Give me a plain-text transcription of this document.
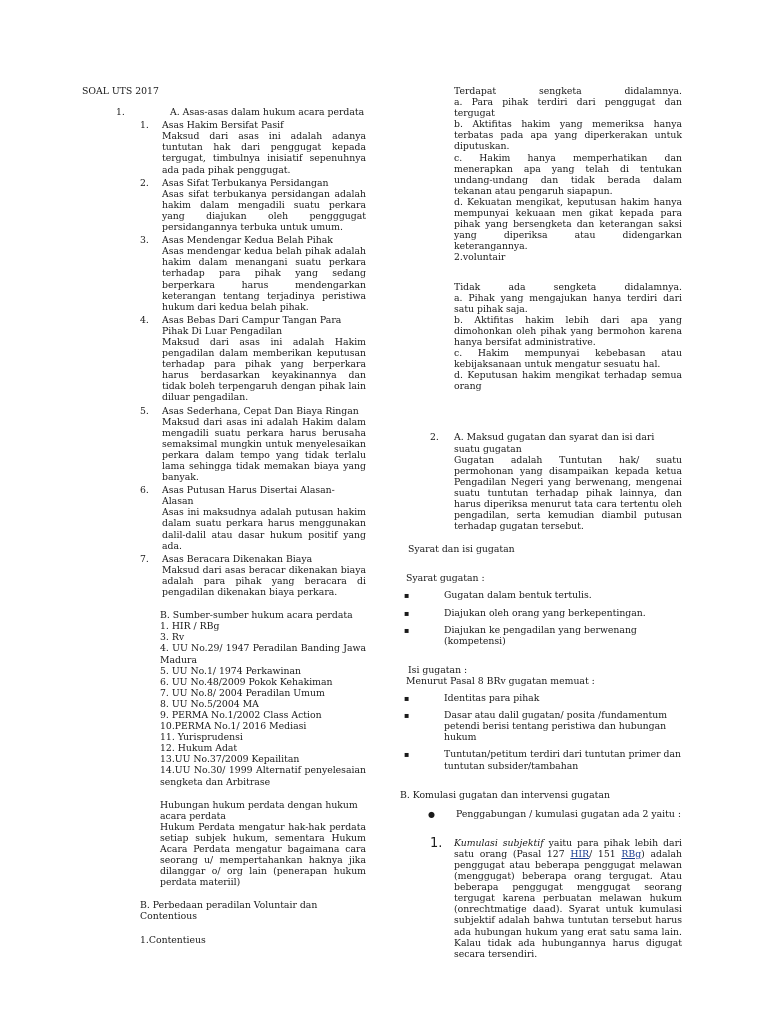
SOAL UTS 2017

1.	A. Asas-asas dalam hukum acara perdata
1.	Asas Hakim Bersifat Pasif

Maksud dari asas ini adalah adanya tuntutan hak dari penggugat kepada tergugat, timbulnya inisiatif sepenuhnya ada pada pihak penggugat.

2.	Asas Sifat Terbukanya Persidangan

Asas sifat terbukanya persidangan adalah hakim dalam mengadili suatu perkara yang diajukan oleh pengggugat persidangannya terbuka untuk umum.

3.	Asas Mendengar Kedua Belah Pihak

Asas mendengar kedua belah pihak adalah hakim dalam menangani suatu perkara terhadap para pihak yang sedang berperkara harus mendengarkan keterangan tentang terjadinya peristiwa hukum dari kedua belah pihak.

4.	Asas Bebas Dari Campur Tangan Para Pihak Di Luar Pengadilan

Maksud dari asas ini adalah Hakim pengadilan dalam memberikan keputusan terhadap para pihak yang berperkara harus berdasarkan keyakinannya dan tidak boleh terpengaruh dengan pihak lain diluar pengadilan.

5.	Asas Sederhana, Cepat Dan Biaya Ringan

Maksud dari asas ini adalah Hakim dalam mengadili suatu perkara harus berusaha semaksimal mungkin untuk menyelesaikan perkara dalam tempo yang tidak terlalu lama sehingga tidak memakan biaya yang banyak.

6.	Asas Putusan Harus Disertai Alasan-Alasan

Asas ini maksudnya adalah putusan hakim dalam suatu perkara harus menggunakan dalil-dalil atau dasar hukum positif yang ada.

7.	Asas Beracara Dikenakan Biaya

Maksud dari asas beracar dikenakan biaya adalah para pihak yang beracara di pengadilan dikenakan biaya perkara.

B. Sumber-sumber hukum acara perdata

1. HIR / RBg

3. Rv

4. UU No.29/ 1947 Peradilan Banding Jawa Madura

5. UU No.1/ 1974 Perkawinan

6. UU No.48/2009 Pokok Kehakiman

7. UU No.8/ 2004 Peradilan Umum

8. UU No.5/2004 MA

9. PERMA No.1/2002 Class Action

10.PERMA No.1/ 2016 Mediasi

11. Yurisprudensi

12. Hukum Adat

13.UU No.37/2009 Kepailitan

14.UU No.30/ 1999 Alternatif penyelesaian sengketa dan Arbitrase

Hubungan hukum perdata dengan hukum acara perdata

Hukum Perdata mengatur hak-hak perdata setiap subjek hukum, sementara Hukum Acara Perdata mengatur bagaimana cara seorang u/ mempertahankan haknya jika dilanggar o/ org lain (penerapan hukum perdata materiil)

B. Perbedaan peradilan Voluntair dan Contentious

1.Contentieus

Terdapat	sengketa	didalamnya.

a. Para pihak terdiri dari penggugat dan tergugat

b. Aktifitas hakim yang memeriksa hanya terbatas pada apa yang diperkerakan untuk diputuskan.

c. Hakim hanya memperhatikan dan menerapkan apa yang telah di tentukan undang-undang dan tidak berada dalam tekanan atau pengaruh siapapun.

d. Kekuatan mengikat, keputusan hakim hanya mempunyai kekuaan men gikat kepada para pihak yang bersengketa dan keterangan saksi yang diperiksa atau didengarkan keterangannya.

2.voluntair

Tidak	ada	sengketa	didalamnya.

a. Pihak yang mengajukan hanya terdiri dari satu pihak saja.

b. Aktifitas hakim lebih dari apa yang dimohonkan oleh pihak yang bermohon karena hanya bersifat administrative.

c. Hakim mempunyai kebebasan atau kebijaksanaan untuk mengatur sesuatu hal.

d. Keputusan hakim mengikat terhadap semua orang

2.	A. Maksud gugatan dan syarat dan isi dari suatu gugatan

Gugatan adalah Tuntutan hak/ suatu permohonan yang disampaikan kepada ketua Pengadilan Negeri yang berwenang, mengenai suatu tuntutan terhadap pihak lainnya, dan harus diperiksa menurut tata cara tertentu oleh pengadilan, serta kemudian diambil putusan terhadap gugatan tersebut.

Syarat dan isi gugatan

Syarat gugatan :

▪	Gugatan dalam bentuk tertulis.
▪	Diajukan oleh orang yang berkepentingan.
▪	Diajukan ke pengadilan yang berwenang (kompetensi)

Isi gugatan :

Menurut Pasal 8 BRv gugatan memuat :

▪	Identitas para pihak
▪	Dasar atau dalil gugatan/ posita /fundamentum petendi berisi tentang peristiwa dan hubungan hukum
▪	Tuntutan/petitum terdiri dari tuntutan primer dan tuntutan subsider/tambahan

B. Komulasi gugatan dan intervensi gugatan

●	Penggabungan / kumulasi gugatan ada 2 yaitu :
1.	Kumulasi subjektif yaitu para pihak lebih dari satu orang (Pasal 127 HIR/ 151 RBg) adalah penggugat atau beberapa penggugat melawan (menggugat) beberapa orang tergugat. Atau beberapa penggugat menggugat seorang tergugat karena perbuatan melawan hukum (onrechtmatige daad). Syarat untuk kumulasi subjektif adalah bahwa tuntutan tersebut harus ada hubungan hukum yang erat satu sama lain. Kalau tidak ada hubungannya harus digugat secara tersendiri.
